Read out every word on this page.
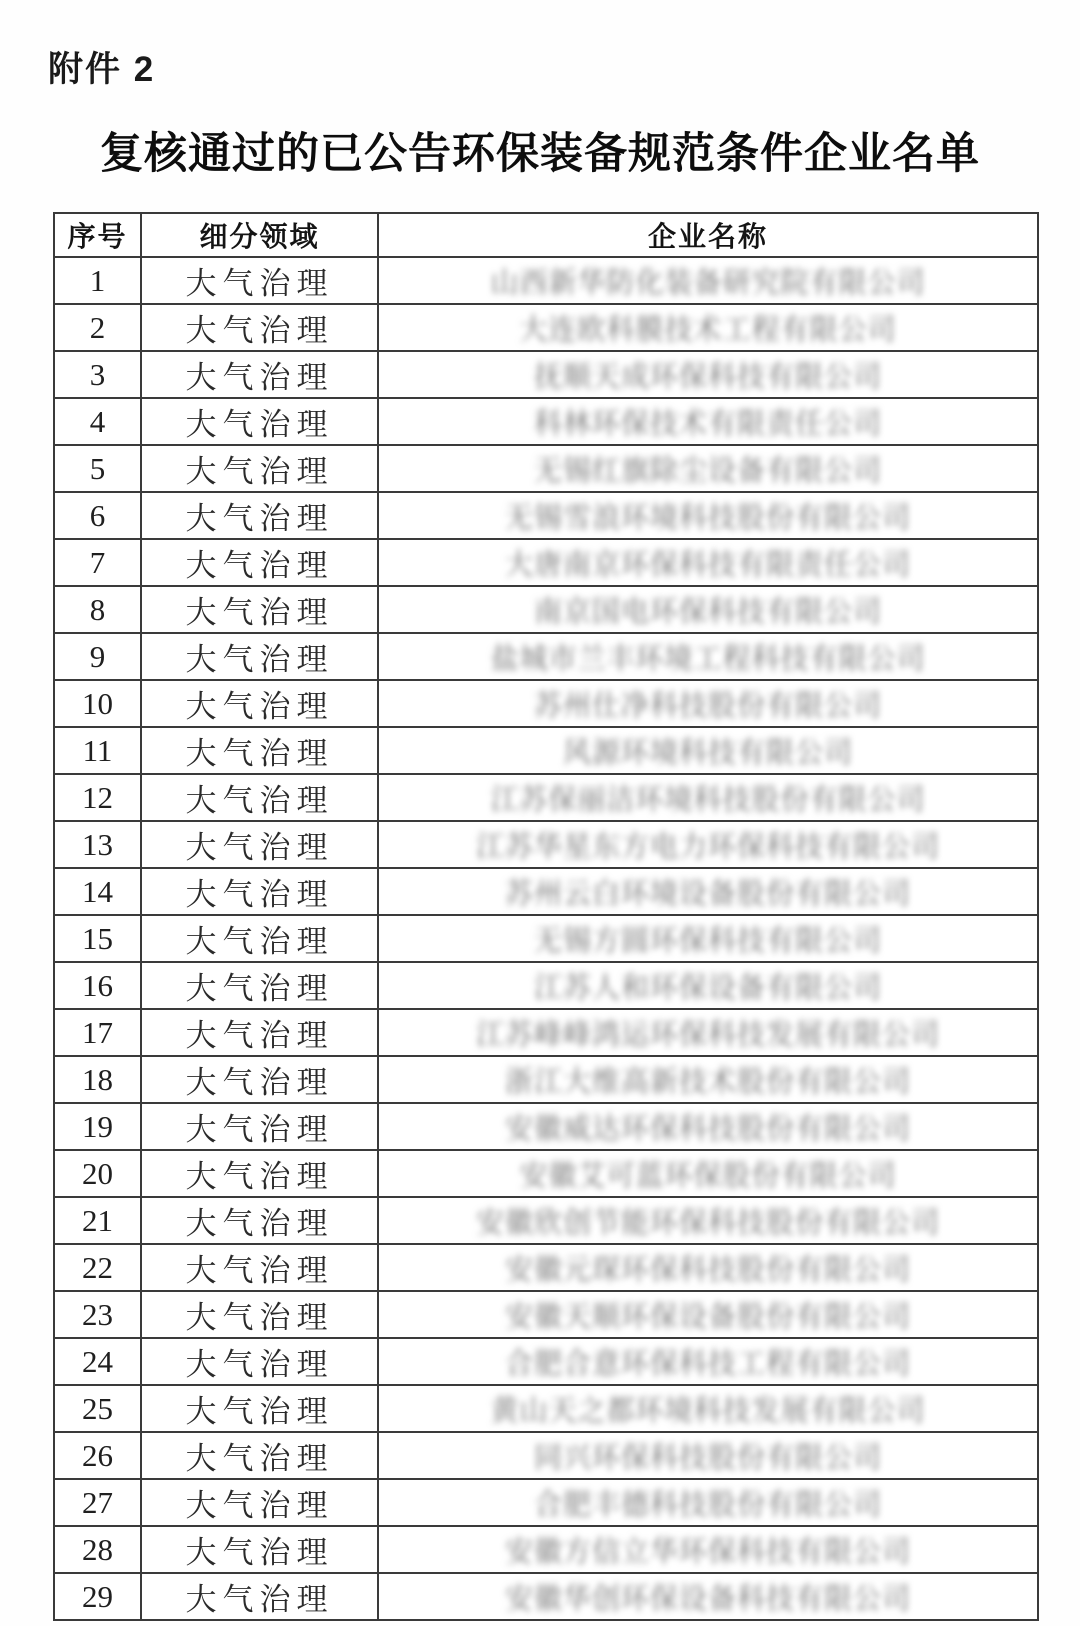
附件 2
复核通过的已公告环保装备规范条件企业名单
序号	细分领域	企业名称
1	大气治理	山西新华防化装备研究院有限公司
2	大气治理	大连欧科膜技术工程有限公司
3	大气治理	抚顺天成环保科技有限公司
4	大气治理	科林环保技术有限责任公司
5	大气治理	无锡红旗除尘设备有限公司
6	大气治理	无锡雪浪环境科技股份有限公司
7	大气治理	大唐南京环保科技有限责任公司
8	大气治理	南京国电环保科技有限公司
9	大气治理	盐城市兰丰环境工程科技有限公司
10	大气治理	苏州仕净科技股份有限公司
11	大气治理	风源环境科技有限公司
12	大气治理	江苏保丽洁环境科技股份有限公司
13	大气治理	江苏华星东方电力环保科技有限公司
14	大气治理	苏州云白环境设备股份有限公司
15	大气治理	无锡方圆环保科技有限公司
16	大气治理	江苏人和环保设备有限公司
17	大气治理	江苏峰峰鸿运环保科技发展有限公司
18	大气治理	浙江大维高新技术股份有限公司
19	大气治理	安徽威达环保科技股份有限公司
20	大气治理	安徽艾可蓝环保股份有限公司
21	大气治理	安徽欣创节能环保科技股份有限公司
22	大气治理	安徽元琛环保科技股份有限公司
23	大气治理	安徽天顺环保设备股份有限公司
24	大气治理	合肥合意环保科技工程有限公司
25	大气治理	黄山天之都环境科技发展有限公司
26	大气治理	同兴环保科技股份有限公司
27	大气治理	合肥丰德科技股份有限公司
28	大气治理	安徽方信立华环保科技有限公司
29	大气治理	安徽华创环保设备科技有限公司
